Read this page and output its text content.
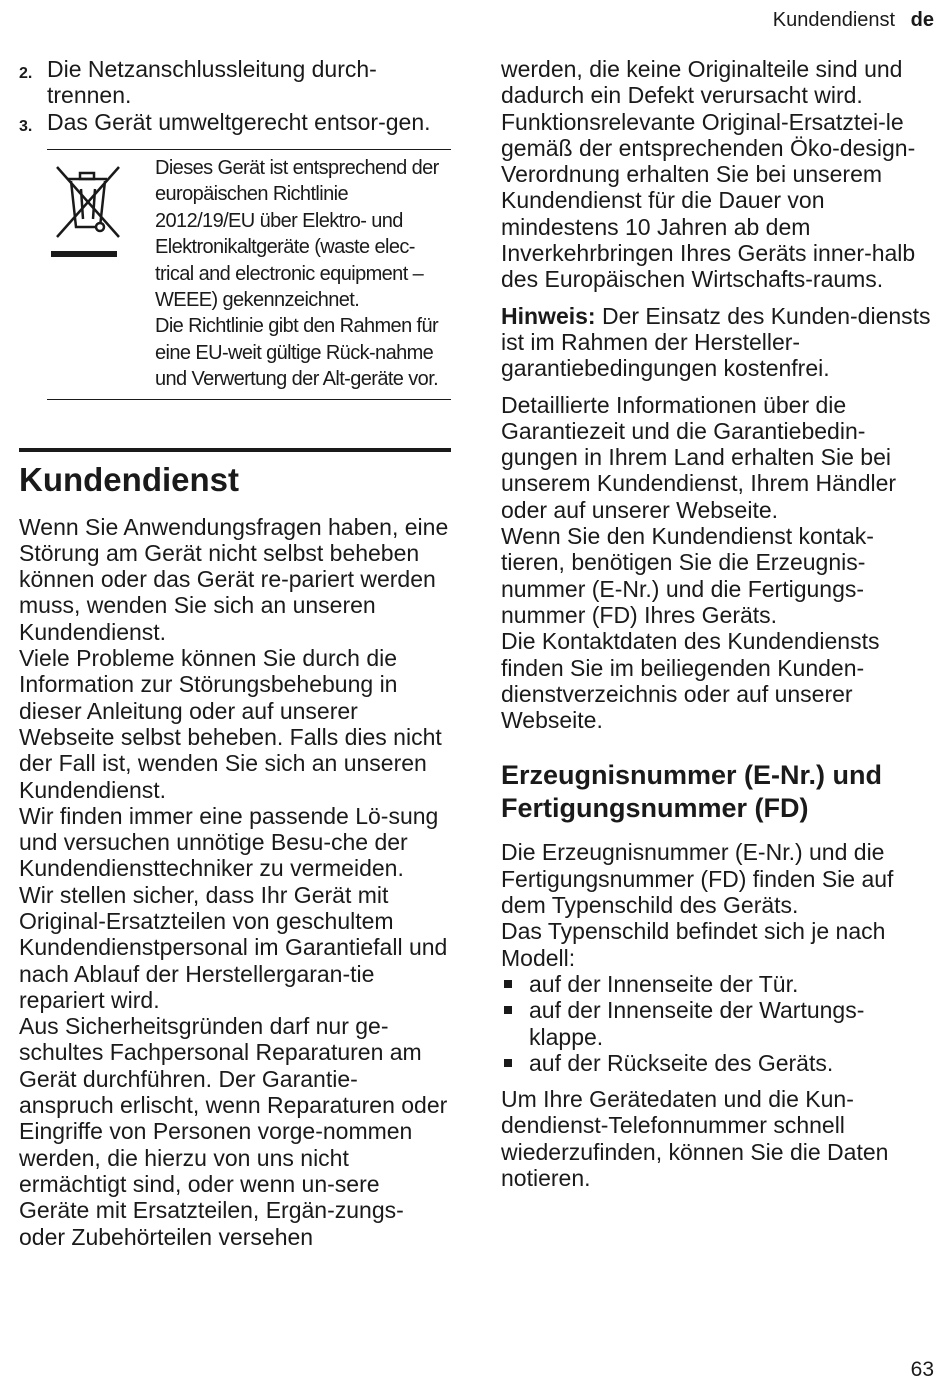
Kundendienst de
2. Die Netzanschlussleitung durch-trennen.
3. Das Gerät umweltgerecht entsor-gen.

Dieses Gerät ist entsprechend der europäischen Richtlinie 2012/19/EU über Elektro- und Elektronikaltgeräte (waste elec-trical and electronic equipment – WEEE) gekennzeichnet.

Die Richtlinie gibt den Rahmen für eine EU-weit gültige Rück-nahme und Verwertung der Alt-geräte vor.

Kundendienst

Wenn Sie Anwendungsfragen haben, eine Störung am Gerät nicht selbst beheben können oder das Gerät re-pariert werden muss, wenden Sie sich an unseren Kundendienst.

Viele Probleme können Sie durch die Information zur Störungsbehebung in dieser Anleitung oder auf unserer Webseite selbst beheben. Falls dies nicht der Fall ist, wenden Sie sich an unseren Kundendienst.

Wir finden immer eine passende Lö-sung und versuchen unnötige Besu-che der Kundendiensttechniker zu vermeiden.

Wir stellen sicher, dass Ihr Gerät mit Original-Ersatzteilen von geschultem Kundendienstpersonal im Garantiefall und nach Ablauf der Herstellergaran-tie repariert wird.

Aus Sicherheitsgründen darf nur ge-schultes Fachpersonal Reparaturen am Gerät durchführen. Der Garantie-anspruch erlischt, wenn Reparaturen oder Eingriffe von Personen vorge-nommen werden, die hierzu von uns nicht ermächtigt sind, oder wenn un-sere Geräte mit Ersatzteilen, Ergän-zungs- oder Zubehörteilen versehen

werden, die keine Originalteile sind und dadurch ein Defekt verursacht wird.

Funktionsrelevante Original-Ersatztei-le gemäß der entsprechenden Öko-design-Verordnung erhalten Sie bei unserem Kundendienst für die Dauer von mindestens 10 Jahren ab dem Inverkehrbringen Ihres Geräts inner-halb des Europäischen Wirtschafts-raums.

Hinweis: Der Einsatz des Kunden-diensts ist im Rahmen der Hersteller-garantiebedingungen kostenfrei.

Detaillierte Informationen über die Garantiezeit und die Garantiebedin-gungen in Ihrem Land erhalten Sie bei unserem Kundendienst, Ihrem Händler oder auf unserer Webseite.

Wenn Sie den Kundendienst kontak-tieren, benötigen Sie die Erzeugnis-nummer (E-Nr.) und die Fertigungs-nummer (FD) Ihres Geräts.

Die Kontaktdaten des Kundendiensts finden Sie im beiliegenden Kunden-dienstverzeichnis oder auf unserer Webseite.

Erzeugnisnummer (E-Nr.) und Fertigungsnummer (FD)

Die Erzeugnisnummer (E-Nr.) und die Fertigungsnummer (FD) finden Sie auf dem Typenschild des Geräts.

Das Typenschild befindet sich je nach Modell:

auf der Innenseite der Tür.
auf der Innenseite der Wartungs-klappe.
auf der Rückseite des Geräts.

Um Ihre Gerätedaten und die Kun-dendienst-Telefonnummer schnell wiederzufinden, können Sie die Daten notieren.

63
